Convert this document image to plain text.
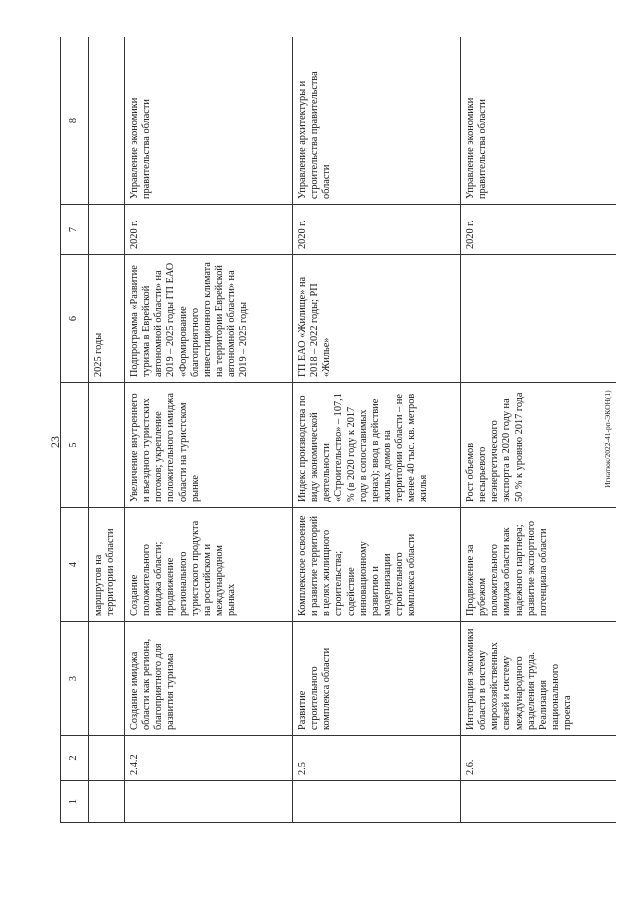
23
1	2	3	4	5	6	7	8
			маршрутов на территории области		2025 годы		
	2.4.2	Создание имиджа области как региона, благоприятного для развития туризма	Создание положительного имиджа области; продвижение регионального туристского продукта на российском и международном рынках	Увеличение внутреннего и въездного туристских потоков; укрепление положительного имиджа области на туристском рынке	Подпрограмма «Развитие туризма в Еврейской автономной области» на 2019 – 2025 годы ГП ЕАО «Формирование благоприятного инвестиционного климата на территории Еврейской автономной области» на 2019 – 2025 годы	2020 г.	Управление экономики правительства области
	2.5	Развитие строительного комплекса области	Комплексное освоение и развитие территорий в целях жилищного строительства; содействие инновационному развитию и модернизации строительного комплекса области	Индекс производства по виду экономической деятельности «Строительство» – 107,1 % (в 2020 году к 2017 году в сопоставимых ценах); ввод в действие жилых домов на территории области – не менее 40 тыс. кв. метров жилья	ГП ЕАО «Жилище» на 2018 – 2022 годы; РП «Жилье»	2020 г.	Управление архитектуры и строительства правительства области
	2.6.	Интеграция экономики области в систему мирохозяйственных связей и систему международного разделения труда. Реализация национального проекта	Продвижение за рубежом положительного имиджа области как надежного партнера; развитие экспортного потенциала области	Рост объемов несырьевого неэнергетического экспорта в 2020 году на 50 % к уровню 2017 года		2020 г.	Управление экономики правительства области
Игнатюк/2022-41-рп-ЭКОН(1)
